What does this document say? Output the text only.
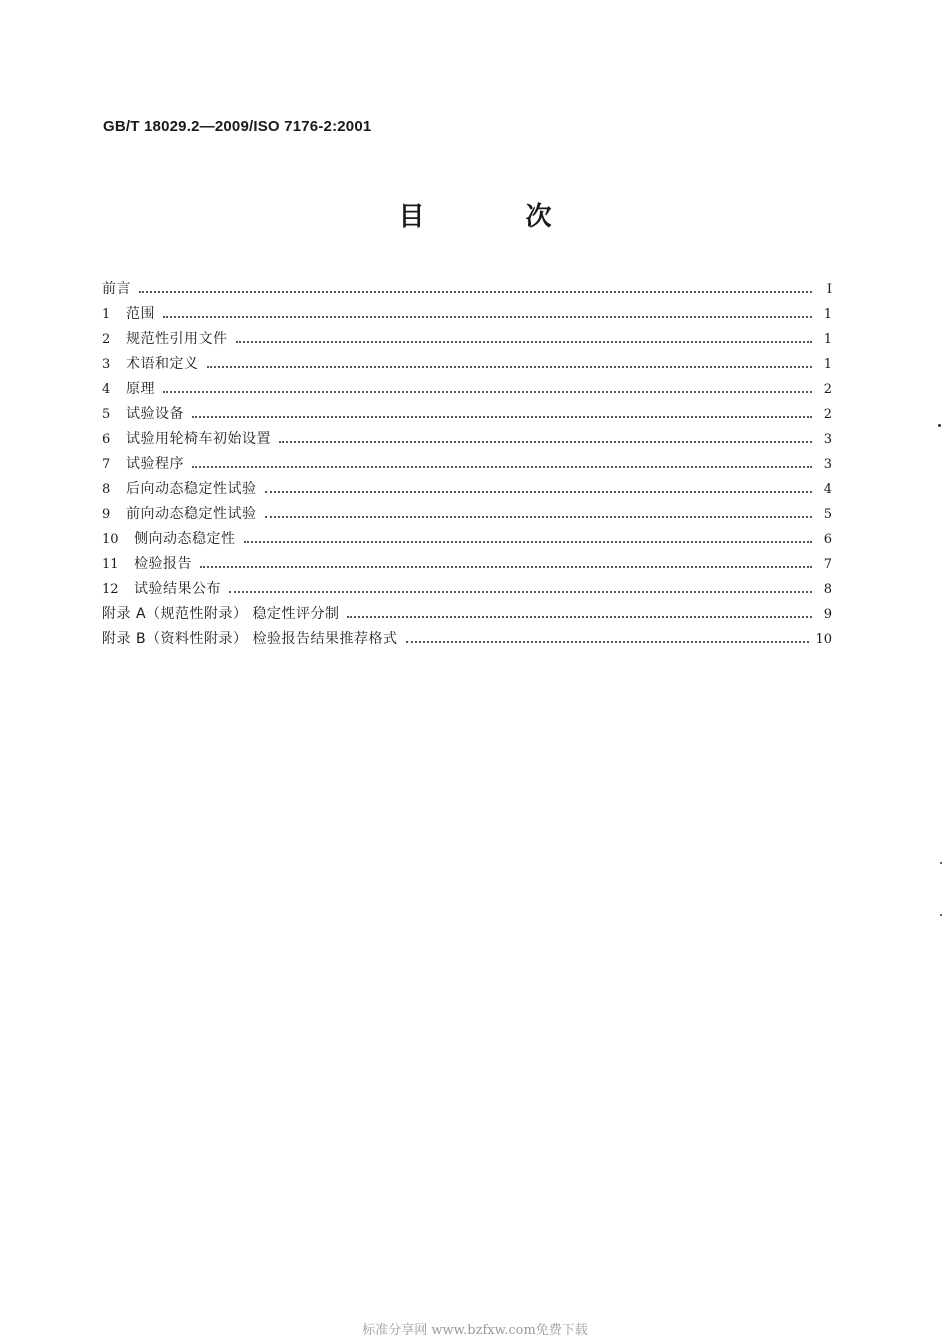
GB/T 18029.2—2009/ISO 7176-2:2001
目 次
前言	I
1	范围	1
2	规范性引用文件	1
3	术语和定义	1
4	原理	2
5	试验设备	2
6	试验用轮椅车初始设置	3
7	试验程序	3
8	后向动态稳定性试验	4
9	前向动态稳定性试验	5
10	侧向动态稳定性	6
11	检验报告	7
12	试验结果公布	8
附录 A（规范性附录） 稳定性评分制	9
附录 B（资料性附录） 检验报告结果推荐格式	10
标准分享网 www.bzfxw.com免费下载
